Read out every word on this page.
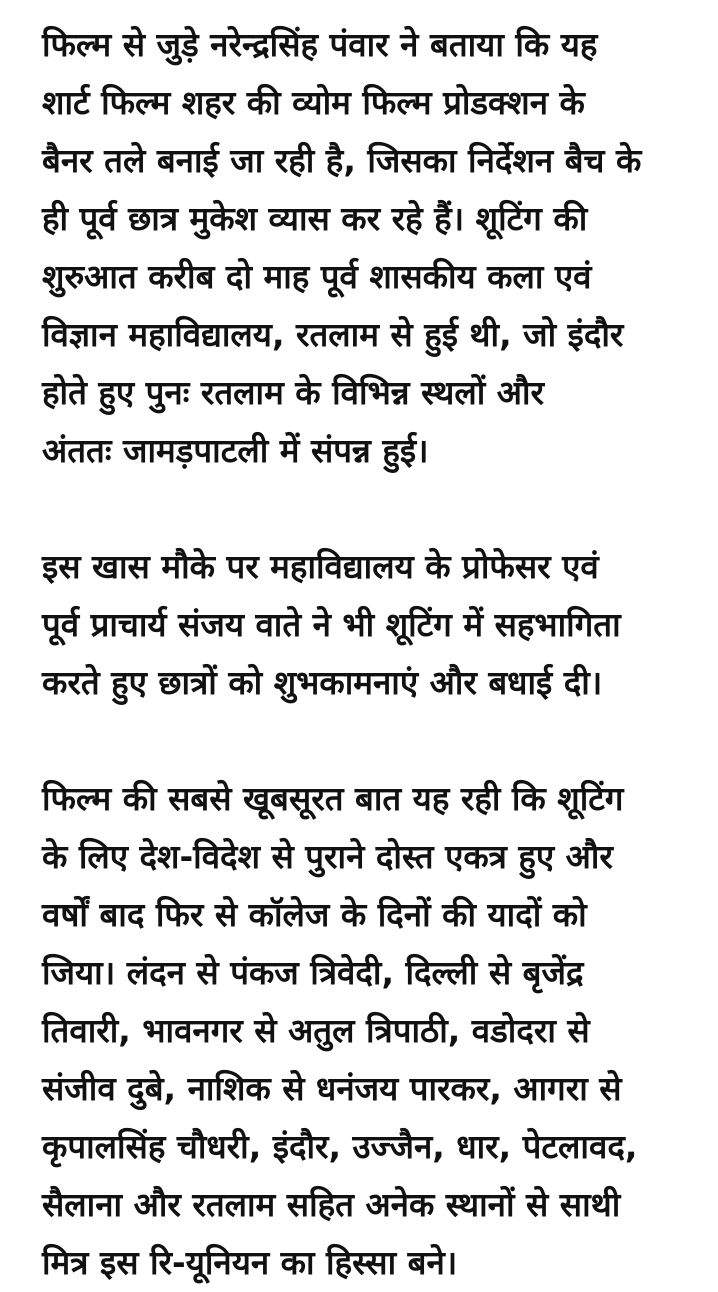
फिल्म से जुड़े नरेन्द्रसिंह पंवार ने बताया कि यह
शार्ट फिल्म शहर की व्योम फिल्म प्रोडक्शन के
बैनर तले बनाई जा रही है, जिसका निर्देशन बैच के
ही पूर्व छात्र मुकेश व्यास कर रहे हैं। शूटिंग की
शुरुआत करीब दो माह पूर्व शासकीय कला एवं
विज्ञान महाविद्यालय, रतलाम से हुई थी, जो इंदौर
होते हुए पुनः रतलाम के विभिन्न स्थलों और
अंततः जामड़पाटली में संपन्न हुई।
इस खास मौके पर महाविद्यालय के प्रोफेसर एवं
पूर्व प्राचार्य संजय वाते ने भी शूटिंग में सहभागिता
करते हुए छात्रों को शुभकामनाएं और बधाई दी।
फिल्म की सबसे खूबसूरत बात यह रही कि शूटिंग
के लिए देश-विदेश से पुराने दोस्त एकत्र हुए और
वर्षों बाद फिर से कॉलेज के दिनों की यादों को
जिया। लंदन से पंकज त्रिवेदी, दिल्ली से बृजेंद्र
तिवारी, भावनगर से अतुल त्रिपाठी, वडोदरा से
संजीव दुबे, नाशिक से धनंजय पारकर, आगरा से
कृपालसिंह चौधरी, इंदौर, उज्जैन, धार, पेटलावद,
सैलाना और रतलाम सहित अनेक स्थानों से साथी
मित्र इस रि-यूनियन का हिस्सा बने।
